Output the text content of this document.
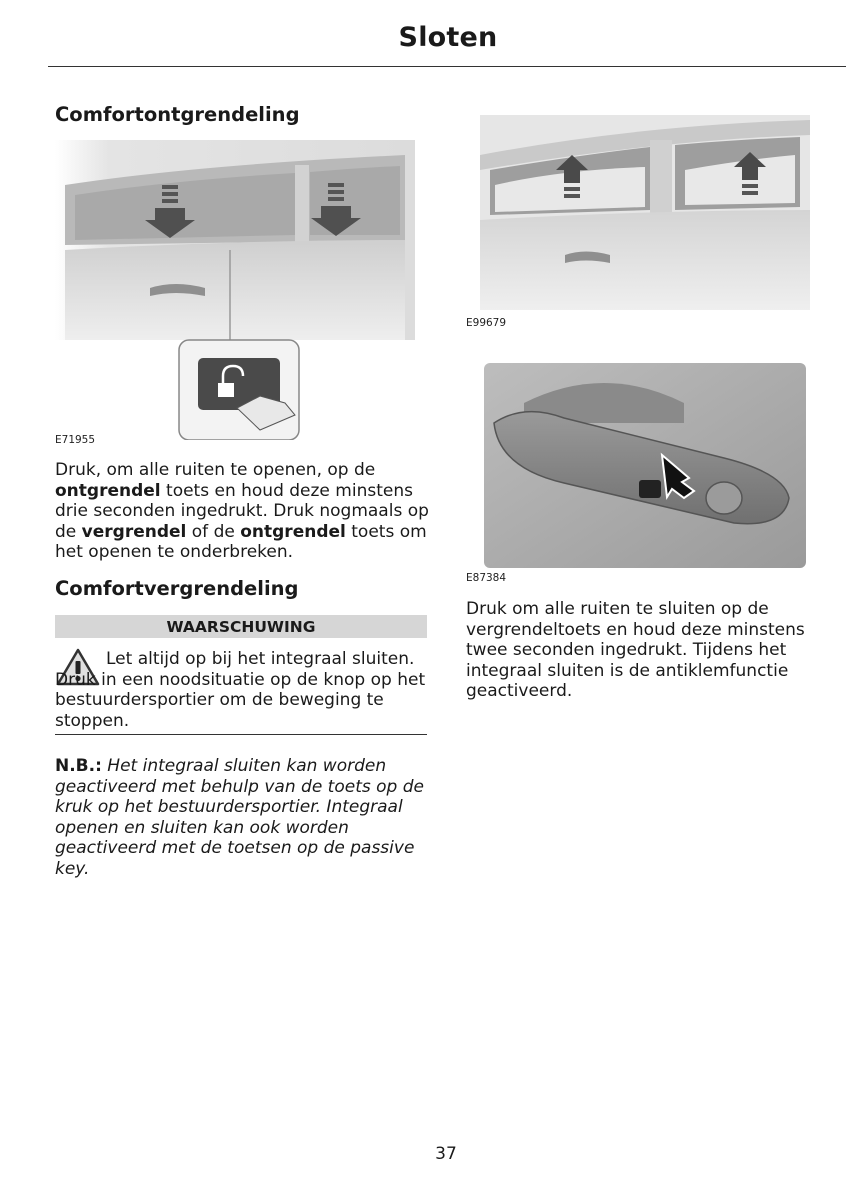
Sloten
Comfortontgrendeling
E71955
Druk, om alle ruiten te openen, op de ontgrendel toets en houd deze minstens drie seconden ingedrukt. Druk nogmaals op de vergrendel of de ontgrendel toets om het openen te onderbreken.
Comfortvergrendeling
WAARSCHUWING
Let altijd op bij het integraal sluiten. Druk in een noodsituatie op de knop op het bestuurdersportier om de beweging te stoppen.
N.B.: Het integraal sluiten kan worden geactiveerd met behulp van de toets op de kruk op het bestuurdersportier. Integraal openen en sluiten kan ook worden geactiveerd met de toetsen op de passive key.
E99679
E87384
Druk om alle ruiten te sluiten op de vergrendeltoets en houd deze minstens twee seconden ingedrukt. Tijdens het integraal sluiten is de antiklemfunctie geactiveerd.
37
